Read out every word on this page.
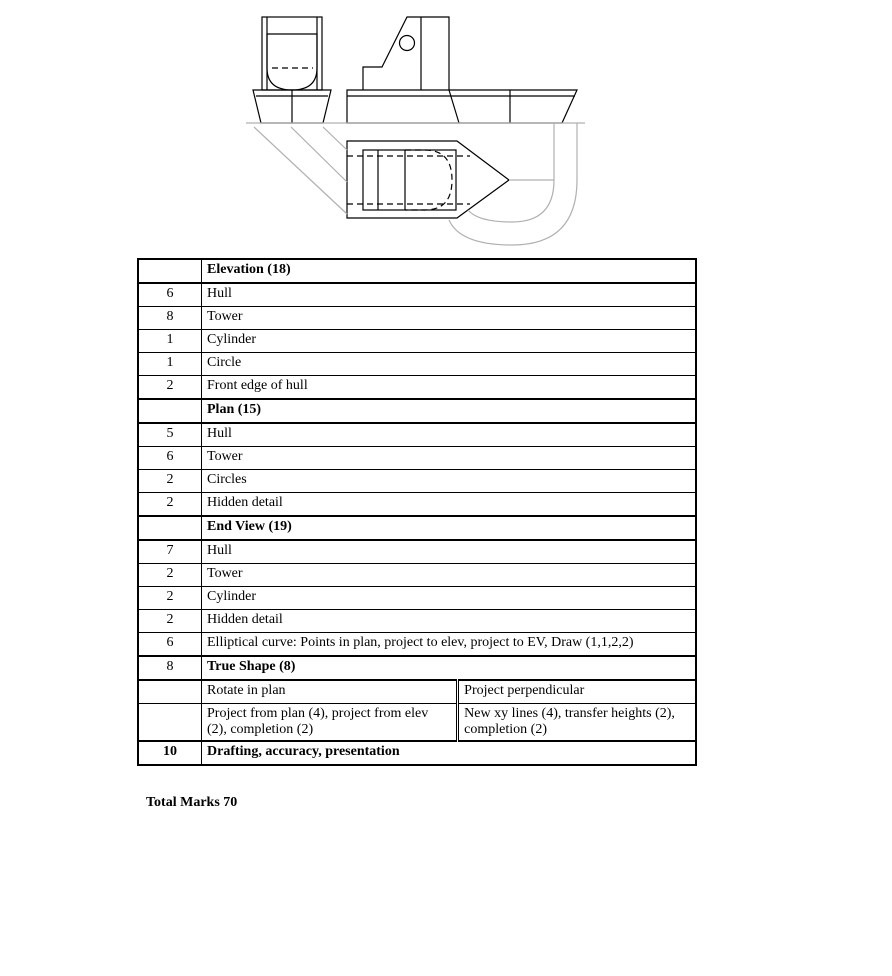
	Elevation (18)	
6	Hull	
8	Tower	
1	Cylinder	
1	Circle	
2	Front edge of hull	
	Plan (15)	
5	Hull	
6	Tower	
2	Circles	
2	Hidden detail	
	End View (19)	
7	Hull	
2	Tower	
2	Cylinder	
2	Hidden detail	
6	Elliptical curve: Points in plan, project to elev, project to EV, Draw (1,1,2,2)	
8	True Shape (8)	
	Rotate in plan	Project perpendicular
	Project from plan (4), project from elev (2), completion (2)	New xy lines (4), transfer heights (2), completion (2)
10	Drafting, accuracy, presentation	
Total Marks 70
